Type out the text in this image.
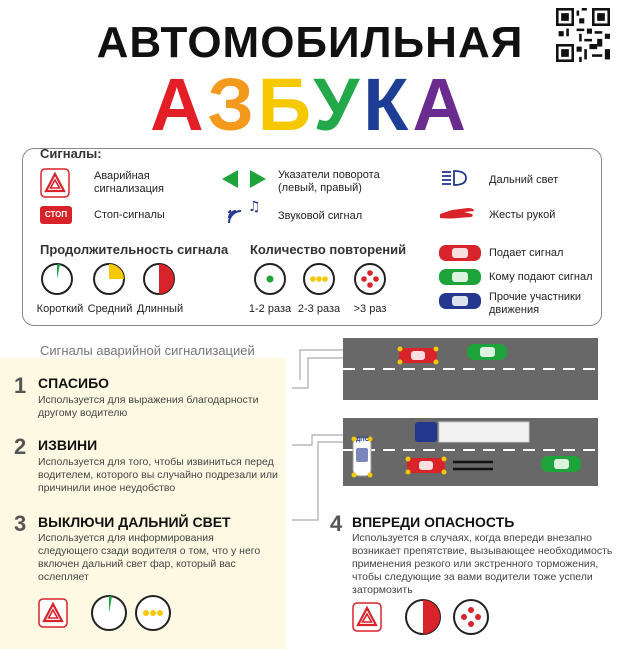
АВТОМОБИЛЬНАЯ
АЗБУКА
Сигналы:
Аварийная сигнализация
СТОП	Стоп-сигналы
Указатели поворота (левый, правый)
♫
Звуковой сигнал
Дальний свет
Жесты рукой
Продолжительность сигнала
Короткий Средний Длинный
Количество повторений
1-2 раза 2-3 раза	>3 раз
Подает сигнал
Кому подают сигнал
Прочие участники движения
Сигналы аварийной сигнализацией
1 СПАСИБО
Используется для выражения благодарности другому водителю
2 ИЗВИНИ
Используется для того, чтобы извиниться перед водителем, которого вы случайно подрезали или причинили иное неудобство
3 ВЫКЛЮЧИ ДАЛЬНИЙ СВЕТ
Используется для информирования следующего сзади водителя о том, что у него включен дальний свет фар, который вас ослепляет
ДПС
4 ВПЕРЕДИ ОПАСНОСТЬ
Используется в случаях, когда впереди внезапно возникает препятствие, вызывающее необходимость применения резкого или экстренного торможения, чтобы следующие за вами водители тоже успели затормозить
